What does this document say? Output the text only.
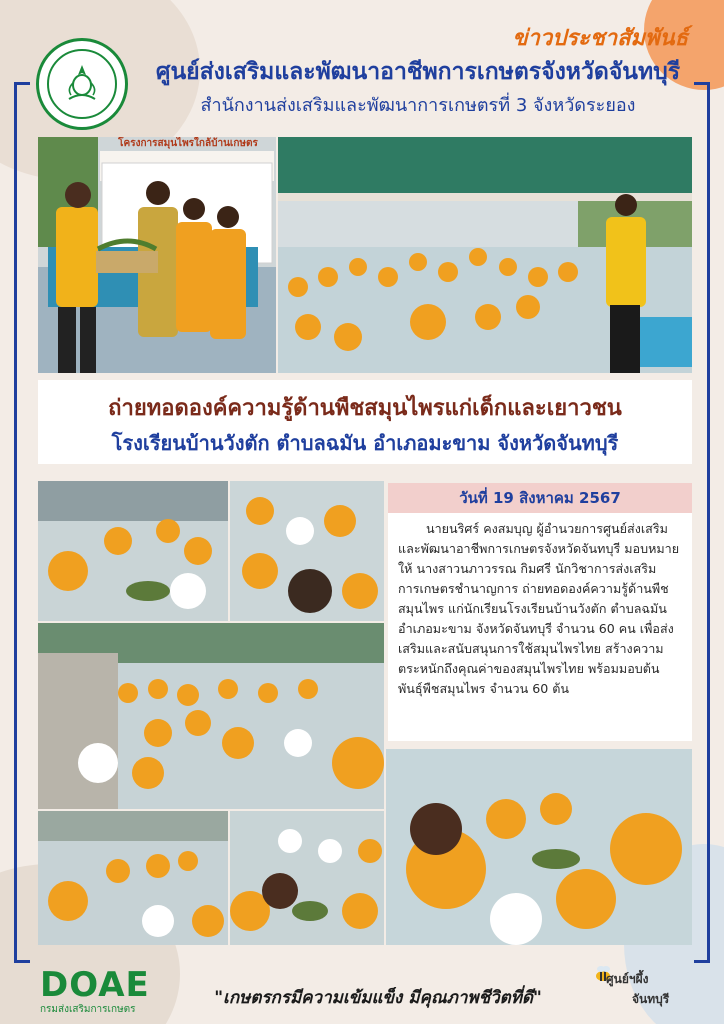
ข่าวประชาสัมพันธ์
ศูนย์ส่งเสริมและพัฒนาอาชีพการเกษตรจังหวัดจันทบุรี
สำนักงานส่งเสริมและพัฒนาการเกษตรที่ 3 จังหวัดระยอง
โครงการสมุนไพรใกล้บ้านเกษตร
ถ่ายทอดองค์ความรู้ด้านพืชสมุนไพรแก่เด็กและเยาวชน
โรงเรียนบ้านวังตัก ตำบลฉมัน อำเภอมะขาม จังหวัดจันทบุรี
วันที่ 19 สิงหาคม 2567

นายนริศร์ คงสมบุญ ผู้อำนวยการศูนย์ส่งเสริมและพัฒนาอาชีพการเกษตรจังหวัดจันทบุรี มอบหมายให้ นางสาวนภาวรรณ กิมศรี นักวิชาการส่งเสริมการเกษตรชำนาญการ ถ่ายทอดองค์ความรู้ด้านพืชสมุนไพร แก่นักเรียนโรงเรียนบ้านวังตัก ตำบลฉมัน อำเภอมะขาม จังหวัดจันทบุรี จำนวน 60 คน เพื่อส่งเสริมและสนับสนุนการใช้สมุนไพรไทย สร้างความตระหนักถึงคุณค่าของสมุนไพรไทย พร้อมมอบต้นพันธุ์พืชสมุนไพร จำนวน 60 ต้น

DOAE
กรมส่งเสริมการเกษตร
"เกษตรกรมีความเข้มแข็ง มีคุณภาพชีวิตที่ดี"
ศูนย์ฯผึ้ง
จันทบุรี
